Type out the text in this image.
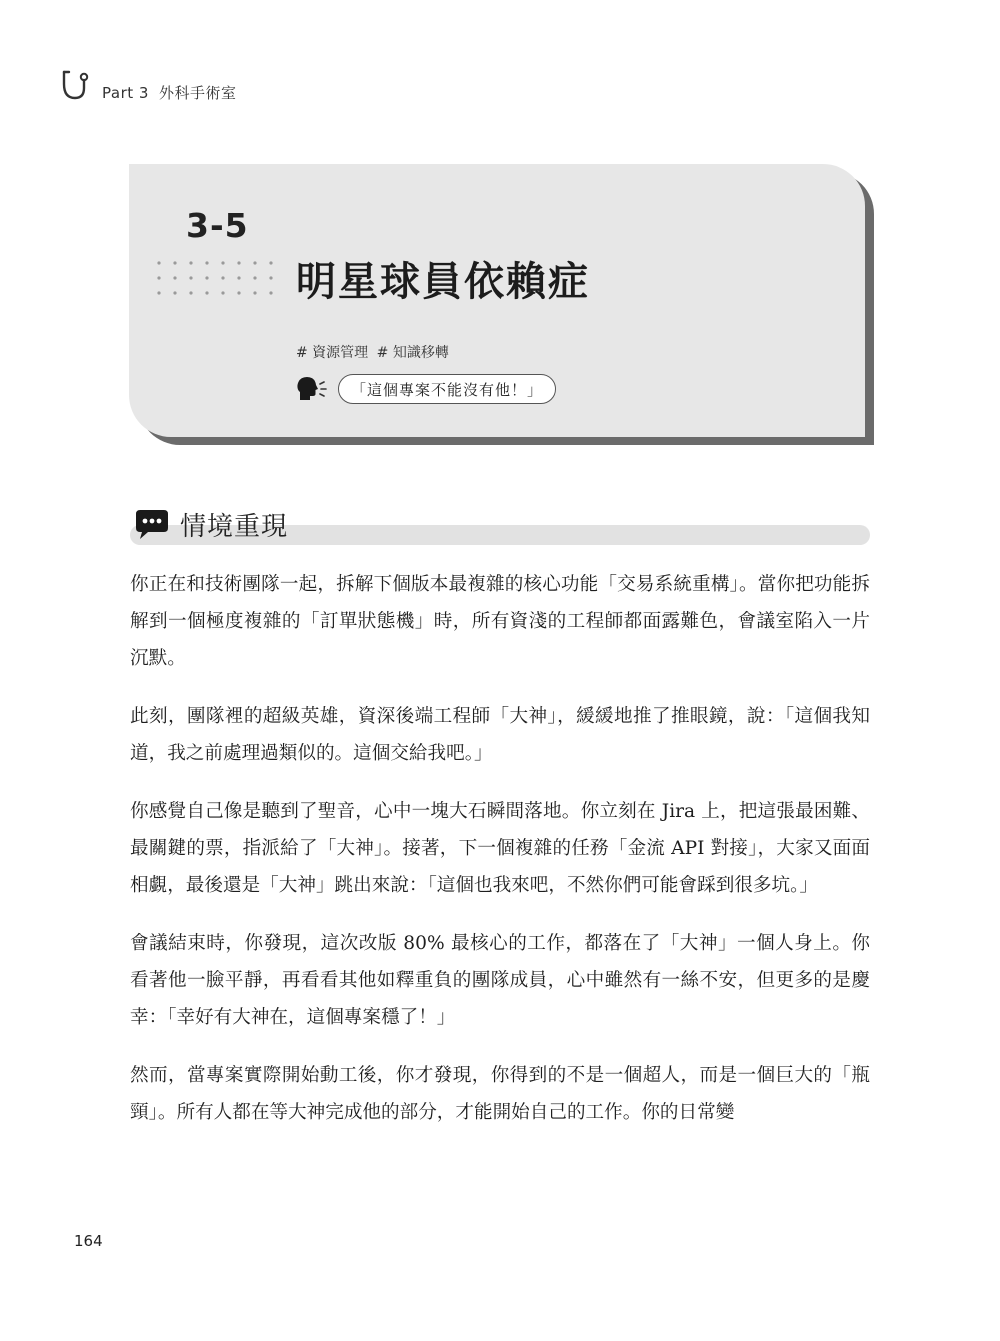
Part 3 外科手術室
3-5
明星球員依賴症
# 資源管理 # 知識移轉
「這個專案不能沒有他！」
情境重現

你正在和技術團隊一起，拆解下個版本最複雜的核心功能「交易系統重構」。當你把功能拆解到一個極度複雜的「訂單狀態機」時，所有資淺的工程師都面露難色，會議室陷入一片沉默。

此刻，團隊裡的超級英雄，資深後端工程師「大神」，緩緩地推了推眼鏡，說：「這個我知道，我之前處理過類似的。這個交給我吧。」

你感覺自己像是聽到了聖音，心中一塊大石瞬間落地。你立刻在 Jira 上，把這張最困難、最關鍵的票，指派給了「大神」。接著，下一個複雜的任務「金流 API 對接」，大家又面面相覷，最後還是「大神」跳出來說：「這個也我來吧，不然你們可能會踩到很多坑。」

會議結束時，你發現，這次改版 80% 最核心的工作，都落在了「大神」一個人身上。你看著他一臉平靜，再看看其他如釋重負的團隊成員，心中雖然有一絲不安，但更多的是慶幸：「幸好有大神在，這個專案穩了！」

然而，當專案實際開始動工後，你才發現，你得到的不是一個超人，而是一個巨大的「瓶頸」。所有人都在等大神完成他的部分，才能開始自己的工作。你的日常變

164
